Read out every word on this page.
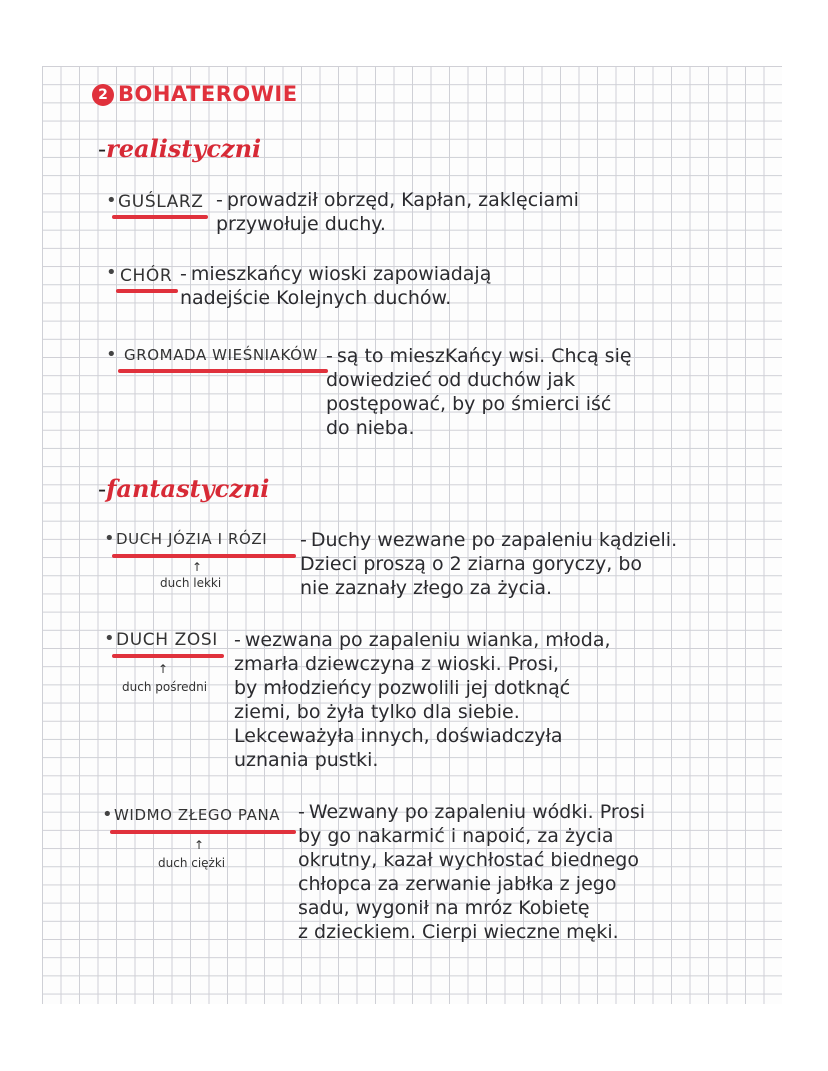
2 BOHATEROWIE
-realistyczni
• GUŚLARZ - prowadził obrzęd, Kapłan, zaklęciami
przywołuje duchy.
• CHÓR - mieszkańcy wioski zapowiadają
nadejście Kolejnych duchów.
• GROMADA WIEŚNIAKÓW - są to mieszKańcy wsi. Chcą się
dowiedzieć od duchów jak
postępować, by po śmierci iść
do nieba.
-fantastyczni
• DUCH JÓZIA I RÓZI
↑
duch lekki
- Duchy wezwane po zapaleniu kądzieli.
Dzieci proszą o 2 ziarna goryczy, bo
nie zaznały złego za życia.
• DUCH ZOSI
↑
duch pośredni
- wezwana po zapaleniu wianka, młoda,
zmarła dziewczyna z wioski. Prosi,
by młodzieńcy pozwolili jej dotknąć
ziemi, bo żyła tylko dla siebie.
Lekceważyła innych, doświadczyła
uznania pustki.
• WIDMO ZŁEGO PANA
↑
duch ciężki
- Wezwany po zapaleniu wódki. Prosi
by go nakarmić i napoić, za życia
okrutny, kazał wychłostać biednego
chłopca za zerwanie jabłka z jego
sadu, wygonił na mróz Kobietę
z dzieckiem. Cierpi wieczne męki.
